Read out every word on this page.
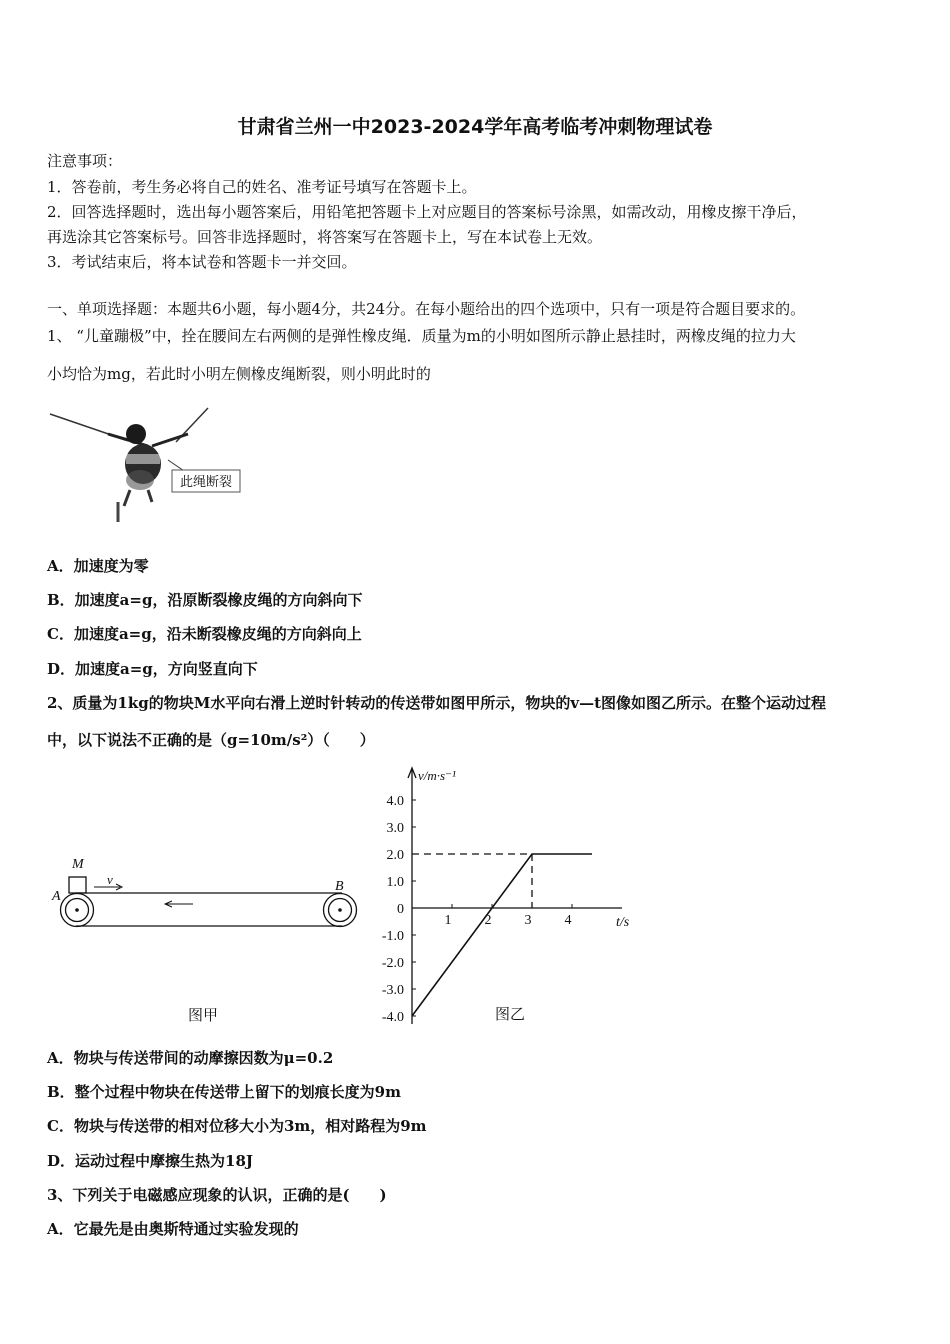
甘肃省兰州一中2023-2024学年高考临考冲刺物理试卷
注意事项：
1．答卷前，考生务必将自己的姓名、准考证号填写在答题卡上。
2．回答选择题时，选出每小题答案后，用铅笔把答题卡上对应题目的答案标号涂黑，如需改动，用橡皮擦干净后，
再选涂其它答案标号。回答非选择题时，将答案写在答题卡上，写在本试卷上无效。
3．考试结束后，将本试卷和答题卡一并交回。
一、单项选择题：本题共6小题，每小题4分，共24分。在每小题给出的四个选项中，只有一项是符合题目要求的。
1、 “儿童蹦极”中，拴在腰间左右两侧的是弹性橡皮绳．质量为m的小明如图所示静止悬挂时，两橡皮绳的拉力大
小均恰为mg，若此时小明左侧橡皮绳断裂，则小明此时的
此绳断裂
A．加速度为零
B．加速度a=g，沿原断裂橡皮绳的方向斜向下
C．加速度a=g，沿未断裂橡皮绳的方向斜向上
D．加速度a=g，方向竖直向下
2、质量为1kg的物块M水平向右滑上逆时针转动的传送带如图甲所示，物块的v—t图像如图乙所示。在整个运动过程
中，以下说法不正确的是（g=10m/s²）（　　）
M
v
A
B
图甲
t/s
v/m·s⁻¹
4.0
3.0
2.0
1.0
0
-1.0
-2.0
-3.0
-4.0
1 2 3 4
图乙
A．物块与传送带间的动摩擦因数为μ=0.2
B．整个过程中物块在传送带上留下的划痕长度为9m
C．物块与传送带的相对位移大小为3m，相对路程为9m
D．运动过程中摩擦生热为18J
3、下列关于电磁感应现象的认识，正确的是(　　)
A．它最先是由奥斯特通过实验发现的
